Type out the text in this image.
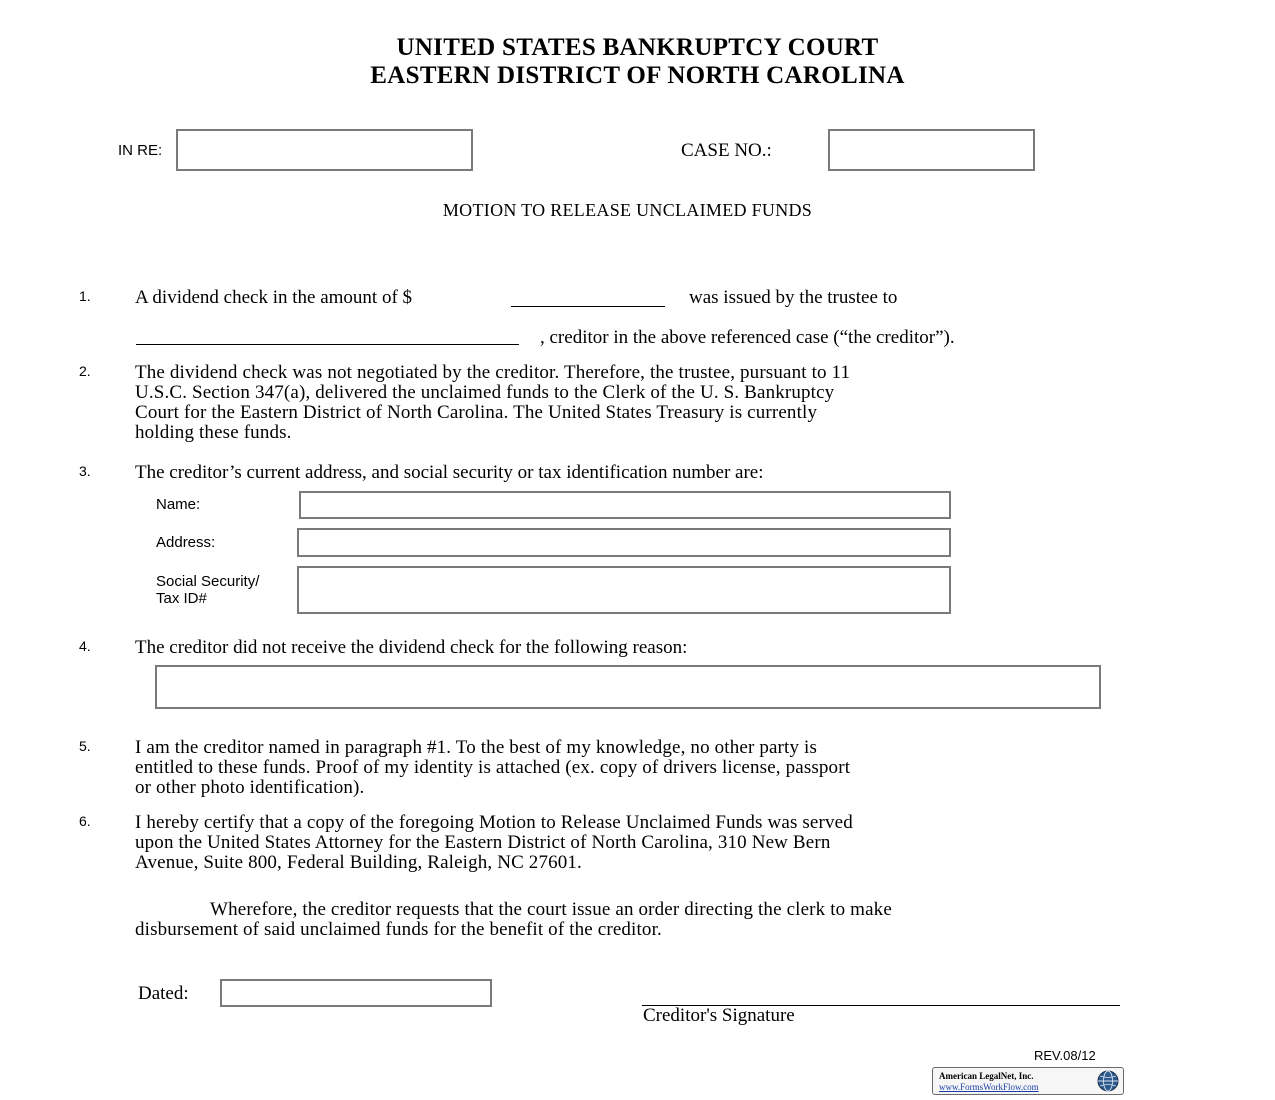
UNITED STATES BANKRUPTCY COURT
EASTERN DISTRICT OF NORTH CAROLINA
IN RE:	CASE NO.:
MOTION TO RELEASE UNCLAIMED FUNDS
1. A dividend check in the amount of $	was issued by the trustee to
, creditor in the above referenced case (“the creditor”).
2. The dividend check was not negotiated by the creditor. Therefore, the trustee, pursuant to 11
U.S.C. Section 347(a), delivered the unclaimed funds to the Clerk of the U. S. Bankruptcy
Court for the Eastern District of North Carolina. The United States Treasury is currently
holding these funds.
3. The creditor’s current address, and social security or tax identification number are:
Name:
Address:
Social Security/
Tax ID#
4. The creditor did not receive the dividend check for the following reason:
5. I am the creditor named in paragraph #1. To the best of my knowledge, no other party is
entitled to these funds. Proof of my identity is attached (ex. copy of drivers license, passport
or other photo identification).
6. I hereby certify that a copy of the foregoing Motion to Release Unclaimed Funds was served
upon the United States Attorney for the Eastern District of North Carolina, 310 New Bern
Avenue, Suite 800, Federal Building, Raleigh, NC 27601.
Wherefore, the creditor requests that the court issue an order directing the clerk to make
disbursement of said unclaimed funds for the benefit of the creditor.
Dated:
Creditor's Signature
REV.08/12
American LegalNet, Inc.
www.FormsWorkFlow.com
